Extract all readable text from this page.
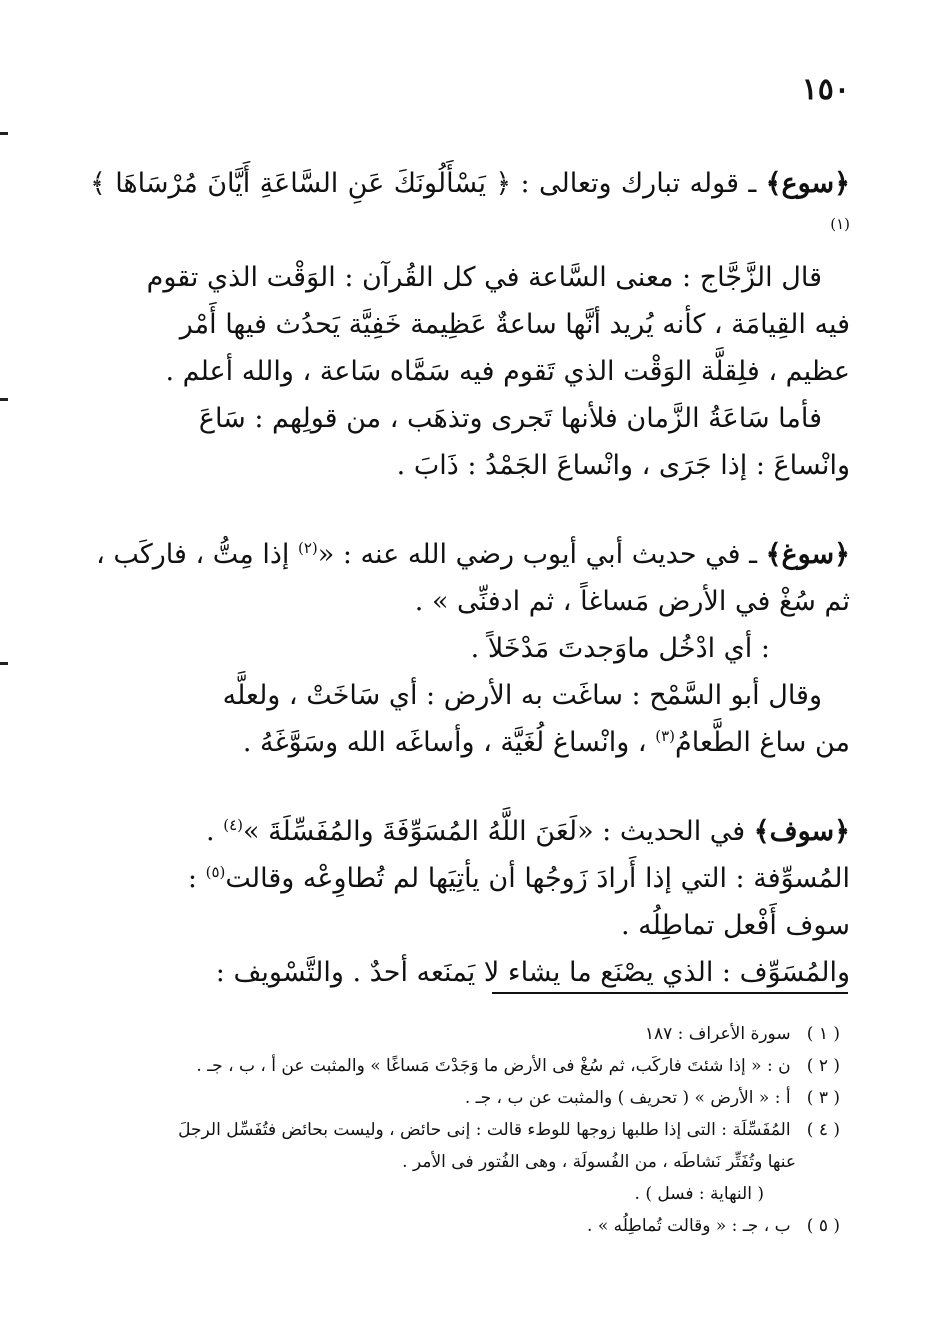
١٥٠

﴿سوع﴾ ـ قوله تبارك وتعالى : ﴿ يَسْأَلُونَكَ عَنِ السَّاعَةِ أَيَّانَ مُرْسَاهَا ﴾$^{(١)}$

قال الزَّجَّاج : معنى السَّاعة في كل القُرآن : الوَقْت الذي تقوم

فيه القِيامَة ، كأنه يُريد أنَّها ساعةٌ عَظِيمة خَفِيَّة يَحدُث فيها أَمْر

عظيم ، فلِقلَّة الوَقْت الذي تَقوم فيه سَمَّاه سَاعة ، والله أعلم .

فأما سَاعَةُ الزَّمان فلأنها تَجرى وتذهَب ، من قولِهم : سَاعَ

وانْساعَ : إذا جَرَى ، وانْساعَ الجَمْدُ : ذَابَ .

﴿سوغ﴾ ـ في حديث أبي أيوب رضي الله عنه : «$^{(٢)}$ إذا مِتُّ ، فاركَب ،

ثم سُغْ في الأرض مَساغاً ، ثم ادفنِّى » .

: أي ادْخُل ماوَجدتَ مَدْخَلاً .

وقال أبو السَّمْح : ساغَت به الأرض : أي سَاخَتْ ، ولعلَّه

من ساغ الطَّعامُ$^{(٣)}$ ، وانْساغ لُغَيَّة ، وأساغَه الله وسَوَّغَهُ .

﴿سوف﴾ في الحديث : «لَعَنَ اللَّهُ المُسَوِّفَةَ والمُفَسِّلَةَ »$^{(٤)}$ .

المُسوِّفة : التي إذا أَرادَ زَوجُها أن يأتِيَها لم تُطاوِعْه وقالت$^{(٥)}$ :

سوف أَفْعل تماطِلُه .

والمُسَوِّف : الذي يصْنَع ما يشاء لا يَمنَعه أحدٌ . والتَّسْويف :

( ١ ) سورة الأعراف : ١٨٧

( ٢ ) ن : « إذا شئتَ فاركَب، ثم سُغْ فى الأرض ما وَجَدْتَ مَساغًا » والمثبت عن أ ، ب ، جـ .

( ٣ ) أ : « الأرض » ( تحريف ) والمثبت عن ب ، جـ .

( ٤ ) المُفَسِّلَة : التى إذا طلبها زوجها للوطء قالت : إنى حائض ، وليست بحائض فتُفَسِّل الرجلَ

عنها وتُفَتِّر نَشاطَه ، من الفُسولَة ، وهى الفُتور فى الأمر .

( النهاية : فسل ) .

( ٥ ) ب ، جـ : « وقالت تُماطِلُه » .
